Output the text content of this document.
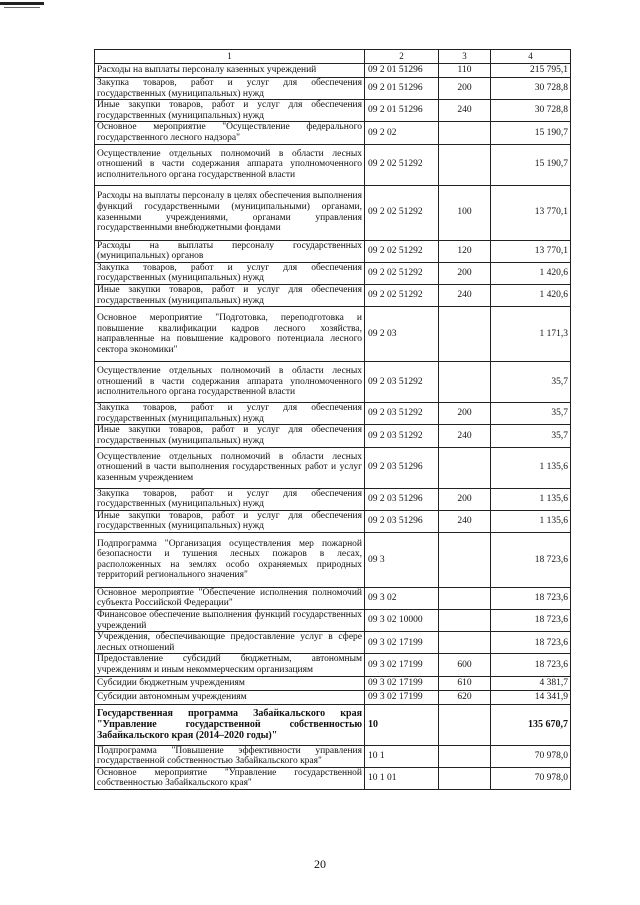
1	2	3	4
Расходы на выплаты персоналу казенных учреждений	09 2 01 51296	110	215 795,1
Закупка товаров, работ и услуг для обеспечения государственных (муниципальных) нужд	09 2 01 51296	200	30 728,8
Иные закупки товаров, работ и услуг для обеспечения государственных (муниципальных) нужд	09 2 01 51296	240	30 728,8
Основное мероприятие "Осуществление федерального государственного лесного надзора"	09 2 02		15 190,7
Осуществление отдельных полномочий в области лесных отношений в части содержания аппарата уполномоченного исполнительного органа государственной власти	09 2 02 51292		15 190,7
Расходы на выплаты персоналу в целях обеспечения выполнения функций государственными (муниципальными) органами, казенными учреждениями, органами управления государственными внебюджетными фондами	09 2 02 51292	100	13 770,1
Расходы на выплаты персоналу государственных (муниципальных) органов	09 2 02 51292	120	13 770,1
Закупка товаров, работ и услуг для обеспечения государственных (муниципальных) нужд	09 2 02 51292	200	1 420,6
Иные закупки товаров, работ и услуг для обеспечения государственных (муниципальных) нужд	09 2 02 51292	240	1 420,6
Основное мероприятие "Подготовка, переподготовка и повышение квалификации кадров лесного хозяйства, направленные на повышение кадрового потенциала лесного сектора экономики"	09 2 03		1 171,3
Осуществление отдельных полномочий в области лесных отношений в части содержания аппарата уполномоченного исполнительного органа государственной власти	09 2 03 51292		35,7
Закупка товаров, работ и услуг для обеспечения государственных (муниципальных) нужд	09 2 03 51292	200	35,7
Иные закупки товаров, работ и услуг для обеспечения государственных (муниципальных) нужд	09 2 03 51292	240	35,7
Осуществление отдельных полномочий в области лесных отношений в части выполнения государственных работ и услуг казенным учреждением	09 2 03 51296		1 135,6
Закупка товаров, работ и услуг для обеспечения государственных (муниципальных) нужд	09 2 03 51296	200	1 135,6
Иные закупки товаров, работ и услуг для обеспечения государственных (муниципальных) нужд	09 2 03 51296	240	1 135,6
Подпрограмма "Организация осуществления мер пожарной безопасности и тушения лесных пожаров в лесах, расположенных на землях особо охраняемых природных территорий регионального значения"	09 3		18 723,6
Основное мероприятие "Обеспечение исполнения полномочий субъекта Российской Федерации"	09 3 02		18 723,6
Финансовое обеспечение выполнения функций государственных учреждений	09 3 02 10000		18 723,6
Учреждения, обеспечивающие предоставление услуг в сфере лесных отношений	09 3 02 17199		18 723,6
Предоставление субсидий бюджетным, автономным учреждениям и иным некоммерческим организациям	09 3 02 17199	600	18 723,6
Субсидии бюджетным учреждениям	09 3 02 17199	610	4 381,7
Субсидии автономным учреждениям	09 3 02 17199	620	14 341,9
Государственная программа Забайкальского края "Управление государственной собственностью Забайкальского края (2014–2020 годы)"	10		135 670,7
Подпрограмма "Повышение эффективности управления государственной собственностью Забайкальского края"	10 1		70 978,0
Основное мероприятие "Управление государственной собственностью Забайкальского края"	10 1 01		70 978,0
20
